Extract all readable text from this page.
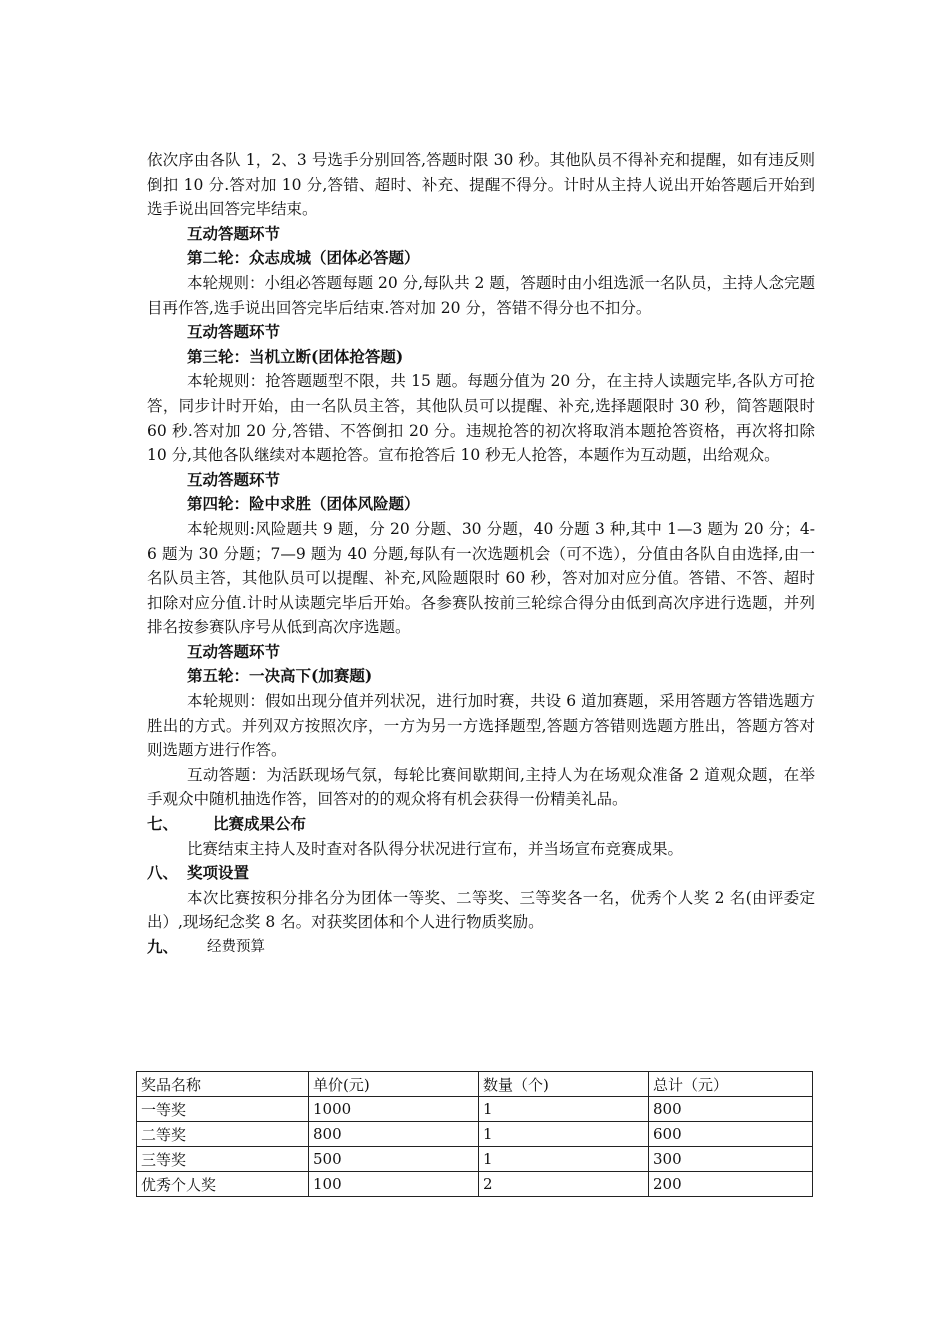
依次序由各队 1，2、3 号选手分别回答,答题时限 30 秒。其他队员不得补充和提醒，如有违反则倒扣 10 分.答对加 10 分,答错、超时、补充、提醒不得分。计时从主持人说出开始答题后开始到选手说出回答完毕结束。

互动答题环节

第二轮：众志成城（团体必答题）

本轮规则：小组必答题每题 20 分,每队共 2 题，答题时由小组选派一名队员，主持人念完题目再作答,选手说出回答完毕后结束.答对加 20 分，答错不得分也不扣分。

互动答题环节

第三轮：当机立断(团体抢答题)

本轮规则：抢答题题型不限，共 15 题。每题分值为 20 分，在主持人读题完毕,各队方可抢答，同步计时开始，由一名队员主答，其他队员可以提醒、补充,选择题限时 30 秒，简答题限时 60 秒.答对加 20 分,答错、不答倒扣 20 分。违规抢答的初次将取消本题抢答资格，再次将扣除 10 分,其他各队继续对本题抢答。宣布抢答后 10 秒无人抢答，本题作为互动题，出给观众。

互动答题环节

第四轮：险中求胜（团体风险题）

本轮规则:风险题共 9 题，分 20 分题、30 分题，40 分题 3 种,其中 1—3 题为 20 分；4-6 题为 30 分题；7—9 题为 40 分题,每队有一次选题机会（可不选），分值由各队自由选择,由一名队员主答，其他队员可以提醒、补充,风险题限时 60 秒，答对加对应分值。答错、不答、超时扣除对应分值.计时从读题完毕后开始。各参赛队按前三轮综合得分由低到高次序进行选题，并列排名按参赛队序号从低到高次序选题。

互动答题环节

第五轮：一决高下(加赛题)

本轮规则：假如出现分值并列状况，进行加时赛，共设 6 道加赛题，采用答题方答错选题方胜出的方式。并列双方按照次序，一方为另一方选择题型,答题方答错则选题方胜出，答题方答对则选题方进行作答。

互动答题：为活跃现场气氛，每轮比赛间歇期间,主持人为在场观众准备 2 道观众题，在举手观众中随机抽选作答，回答对的的观众将有机会获得一份精美礼品。

七、	比赛成果公布

比赛结束主持人及时查对各队得分状况进行宣布，并当场宣布竞赛成果。

八、 奖项设置

本次比赛按积分排名分为团体一等奖、二等奖、三等奖各一名，优秀个人奖 2 名(由评委定出）,现场纪念奖 8 名。对获奖团体和个人进行物质奖励。

九、	经费预算
奖品名称	单价(元)	数量（个)	总计（元）
一等奖	1000	1	800
二等奖	800	1	600
三等奖	500	1	300
优秀个人奖	100	2	200
